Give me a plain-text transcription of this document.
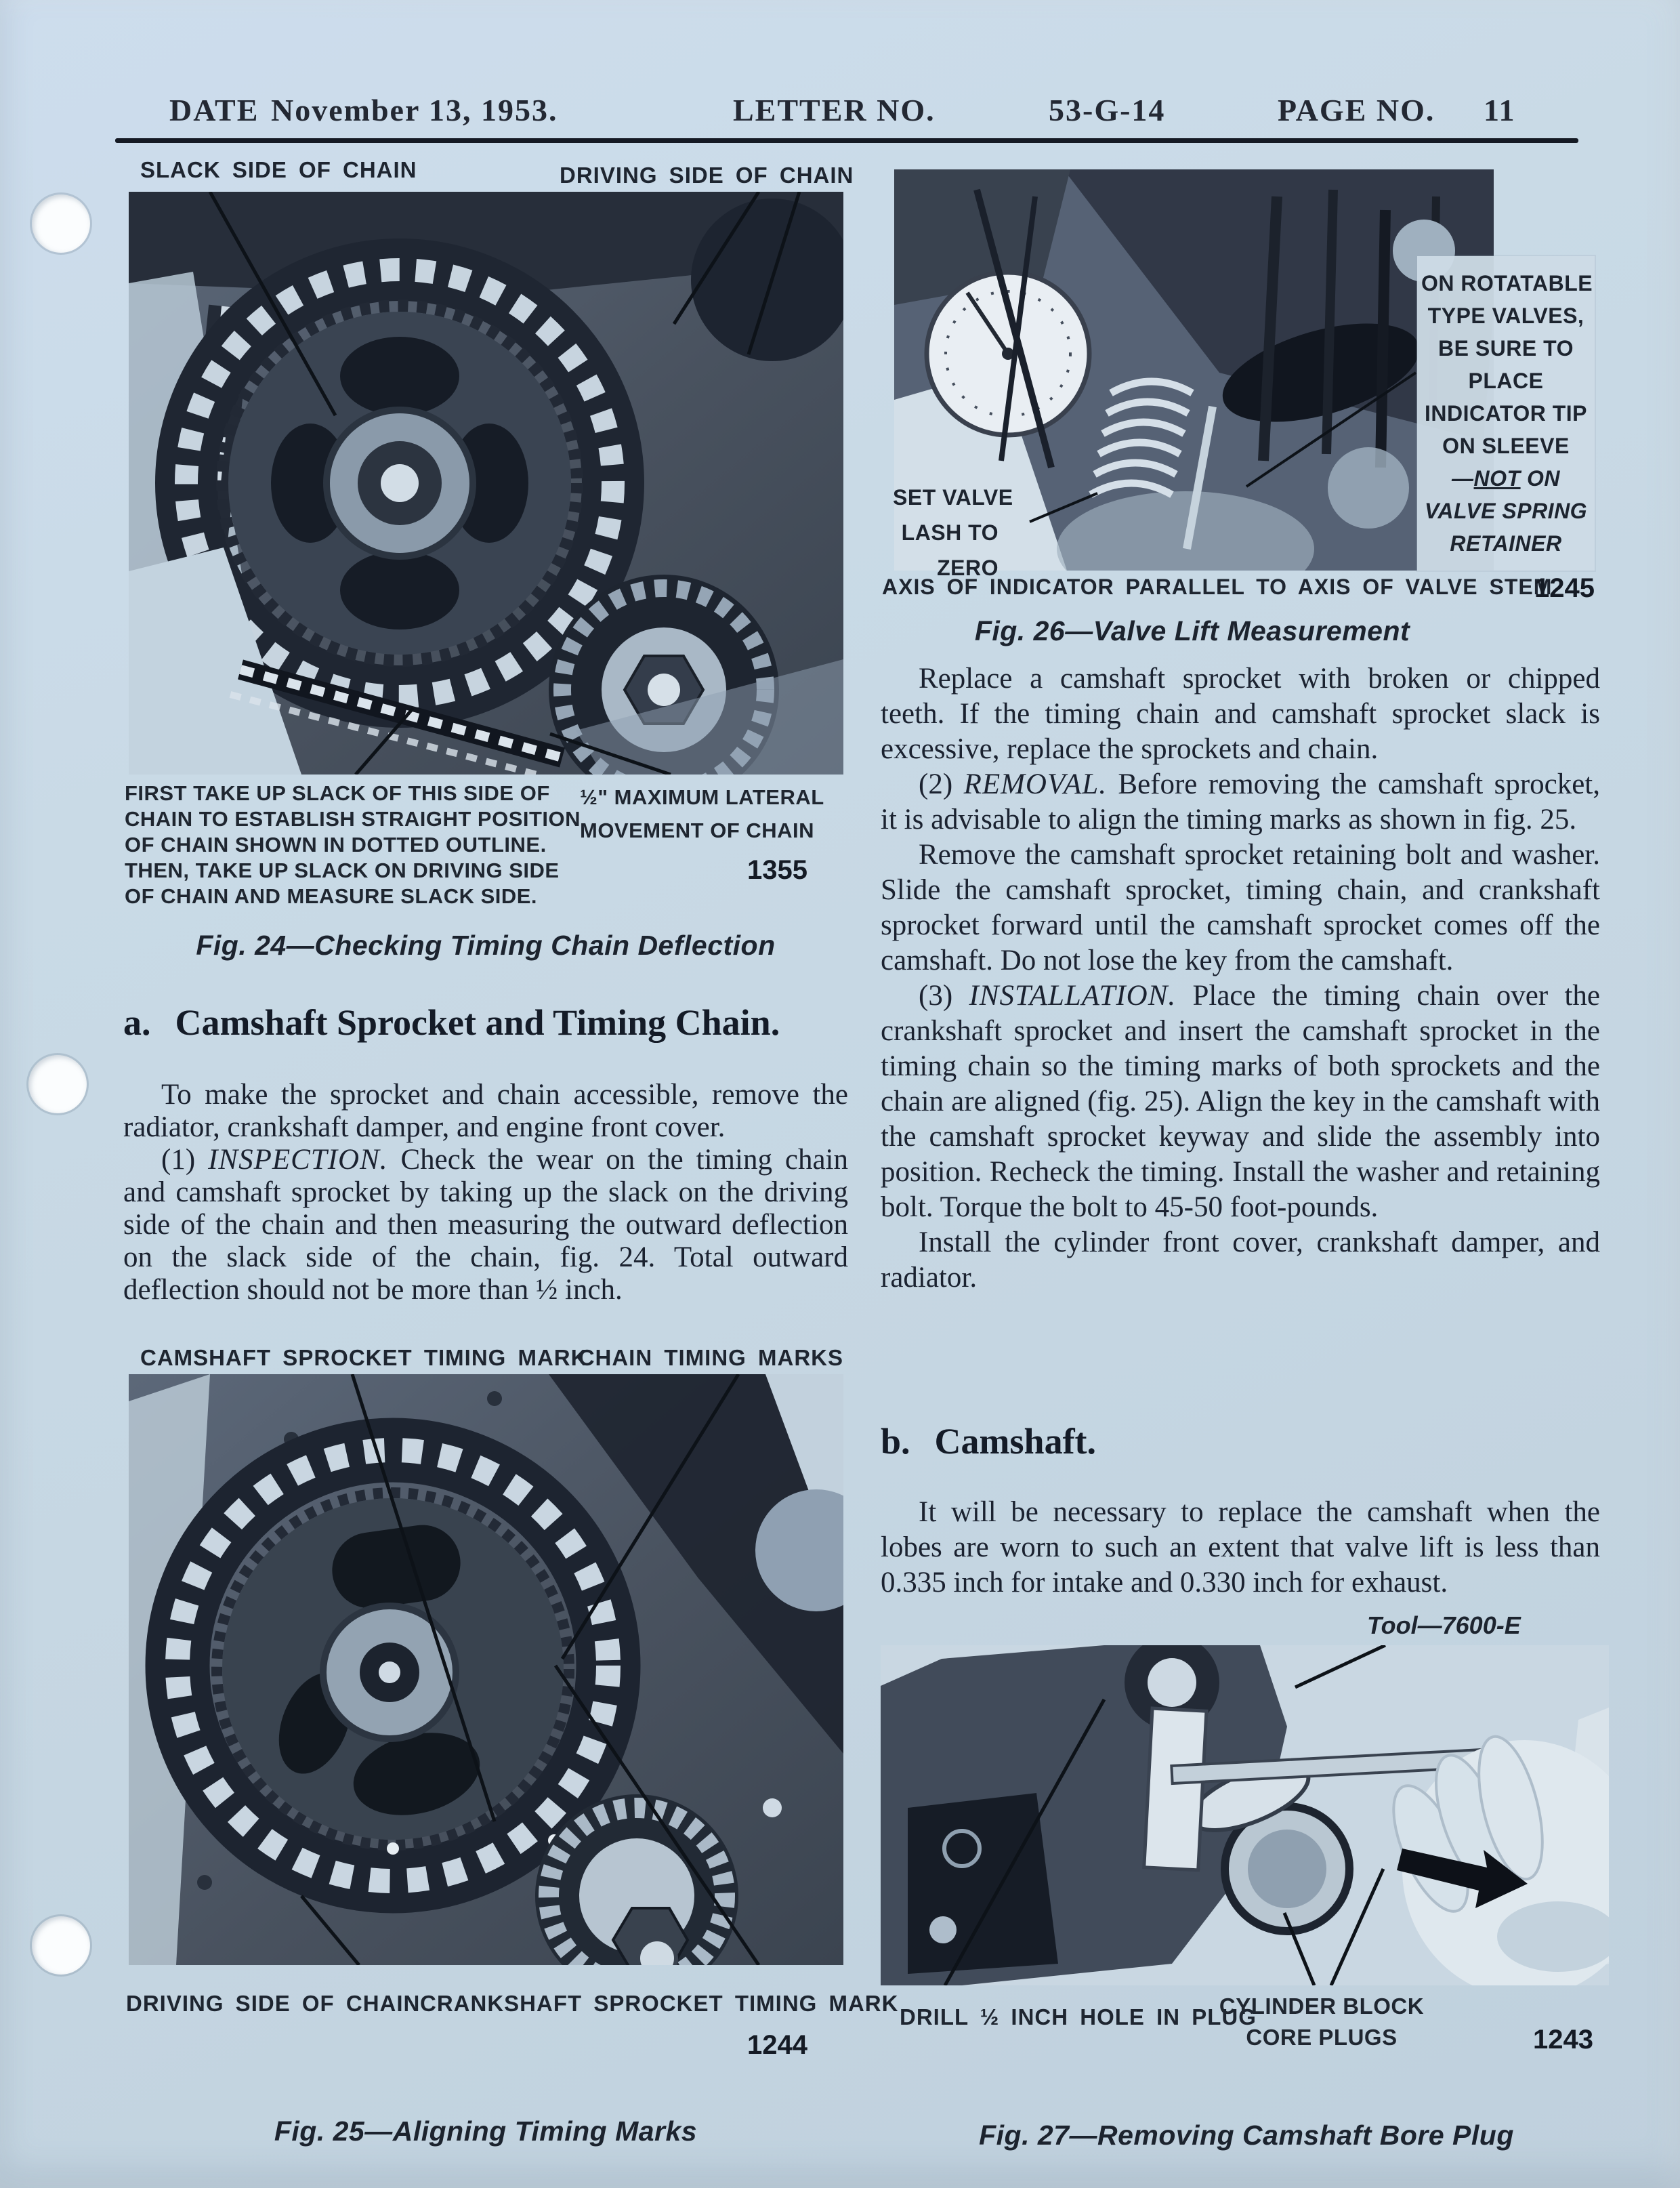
DATE November 13, 1953.	LETTER NO.	53-G-14	PAGE NO. 11
SLACK SIDE OF CHAIN	DRIVING SIDE OF CHAIN
FIRST TAKE UP SLACK OF THIS SIDE OF
CHAIN TO ESTABLISH STRAIGHT POSITION
OF CHAIN SHOWN IN DOTTED OUTLINE.
THEN, TAKE UP SLACK ON DRIVING SIDE
OF CHAIN AND MEASURE SLACK SIDE.
½" MAXIMUM LATERAL
MOVEMENT OF CHAIN
1355
Fig. 24—Checking Timing Chain Deflection
a. Camshaft Sprocket and Timing Chain.

To make the sprocket and chain accessible, remove the radiator, crankshaft damper, and engine front cover.

(1) INSPECTION. Check the wear on the timing chain and camshaft sprocket by taking up the slack on the driving side of the chain and then measuring the outward deflection on the slack side of the chain, fig. 24. Total outward deflection should not be more than ½ inch.

CAMSHAFT SPROCKET TIMING MARK
CHAIN TIMING MARKS
DRIVING SIDE OF CHAIN CRANKSHAFT SPROCKET TIMING MARK
1244
Fig. 25—Aligning Timing Marks
SET VALVE
LASH TO
ZERO
ON ROTATABLE
TYPE VALVES,
BE SURE TO
PLACE
INDICATOR TIP
ON SLEEVE
—NOT ON
VALVE SPRING
RETAINER
AXIS OF INDICATOR PARALLEL TO AXIS OF VALVE STEM
1245
Fig. 26—Valve Lift Measurement

Replace a camshaft sprocket with broken or chipped teeth. If the timing chain and camshaft sprocket slack is excessive, replace the sprockets and chain.

(2) REMOVAL. Before removing the camshaft sprocket, it is advisable to align the timing marks as shown in fig. 25.

Remove the camshaft sprocket retaining bolt and washer. Slide the camshaft sprocket, timing chain, and crankshaft sprocket forward until the camshaft sprocket comes off the camshaft. Do not lose the key from the camshaft.

(3) INSTALLATION. Place the timing chain over the crankshaft sprocket and insert the camshaft sprocket in the timing chain so the timing marks of both sprockets and the chain are aligned (fig. 25). Align the key in the camshaft with the camshaft sprocket keyway and slide the assembly into position. Recheck the timing. Install the washer and retaining bolt. Torque the bolt to 45-50 foot-pounds.

Install the cylinder front cover, crankshaft damper, and radiator.

b. Camshaft.

It will be necessary to replace the camshaft when the lobes are worn to such an extent that valve lift is less than 0.335 inch for intake and 0.330 inch for exhaust.

Tool—7600-E
DRILL ½ INCH HOLE IN PLUG
CYLINDER BLOCK
CORE PLUGS	1243
Fig. 27—Removing Camshaft Bore Plug
